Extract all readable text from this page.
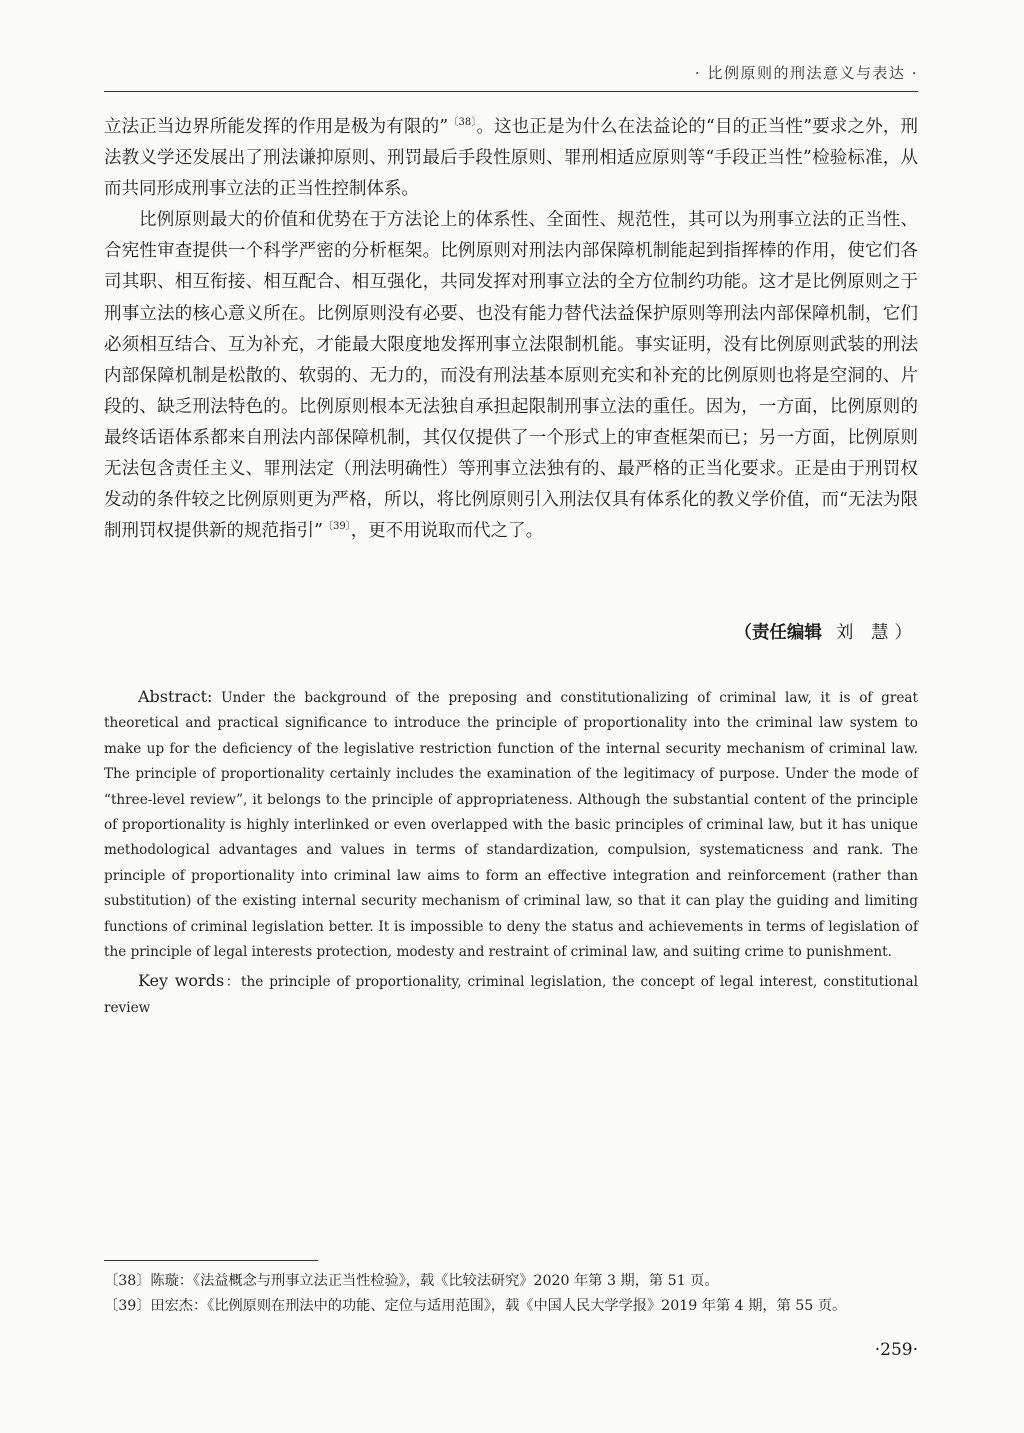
· 比例原则的刑法意义与表达 ·

立法正当边界所能发挥的作用是极为有限的”$^{〔38〕}$。这也正是为什么在法益论的“目的正当性”要求之外，刑法教义学还发展出了刑法谦抑原则、刑罚最后手段性原则、罪刑相适应原则等“手段正当性”检验标准，从而共同形成刑事立法的正当性控制体系。

比例原则最大的价值和优势在于方法论上的体系性、全面性、规范性，其可以为刑事立法的正当性、合宪性审查提供一个科学严密的分析框架。比例原则对刑法内部保障机制能起到指挥棒的作用，使它们各司其职、相互衔接、相互配合、相互强化，共同发挥对刑事立法的全方位制约功能。这才是比例原则之于刑事立法的核心意义所在。比例原则没有必要、也没有能力替代法益保护原则等刑法内部保障机制，它们必须相互结合、互为补充，才能最大限度地发挥刑事立法限制机能。事实证明，没有比例原则武装的刑法内部保障机制是松散的、软弱的、无力的，而没有刑法基本原则充实和补充的比例原则也将是空洞的、片段的、缺乏刑法特色的。比例原则根本无法独自承担起限制刑事立法的重任。因为，一方面，比例原则的最终话语体系都来自刑法内部保障机制，其仅仅提供了一个形式上的审查框架而已；另一方面，比例原则无法包含责任主义、罪刑法定（刑法明确性）等刑事立法独有的、最严格的正当化要求。正是由于刑罚权发动的条件较之比例原则更为严格，所以，将比例原则引入刑法仅具有体系化的教义学价值，而“无法为限制刑罚权提供新的规范指引”$^{〔39〕}$，更不用说取而代之了。

（责任编辑 刘 慧）

Abstract: Under the background of the preposing and constitutionalizing of criminal law, it is of great theoretical and practical significance to introduce the principle of proportionality into the criminal law system to make up for the deficiency of the legislative restriction function of the internal security mechanism of criminal law. The principle of proportionality certainly includes the examination of the legitimacy of purpose. Under the mode of “three-level review”, it belongs to the principle of appropriateness. Although the substantial content of the principle of proportionality is highly interlinked or even overlapped with the basic principles of criminal law, but it has unique methodological advantages and values in terms of standardization, compulsion, systematicness and rank. The principle of proportionality into criminal law aims to form an effective integration and reinforcement (rather than substitution) of the existing internal security mechanism of criminal law, so that it can play the guiding and limiting functions of criminal legislation better. It is impossible to deny the status and achievements in terms of legislation of the principle of legal interests protection, modesty and restraint of criminal law, and suiting crime to punishment.

Key words：the principle of proportionality, criminal legislation, the concept of legal interest, constitutional review

〔38〕陈璇：《法益概念与刑事立法正当性检验》，载《比较法研究》2020 年第 3 期，第 51 页。
〔39〕田宏杰：《比例原则在刑法中的功能、定位与适用范围》，载《中国人民大学学报》2019 年第 4 期，第 55 页。
·259·
